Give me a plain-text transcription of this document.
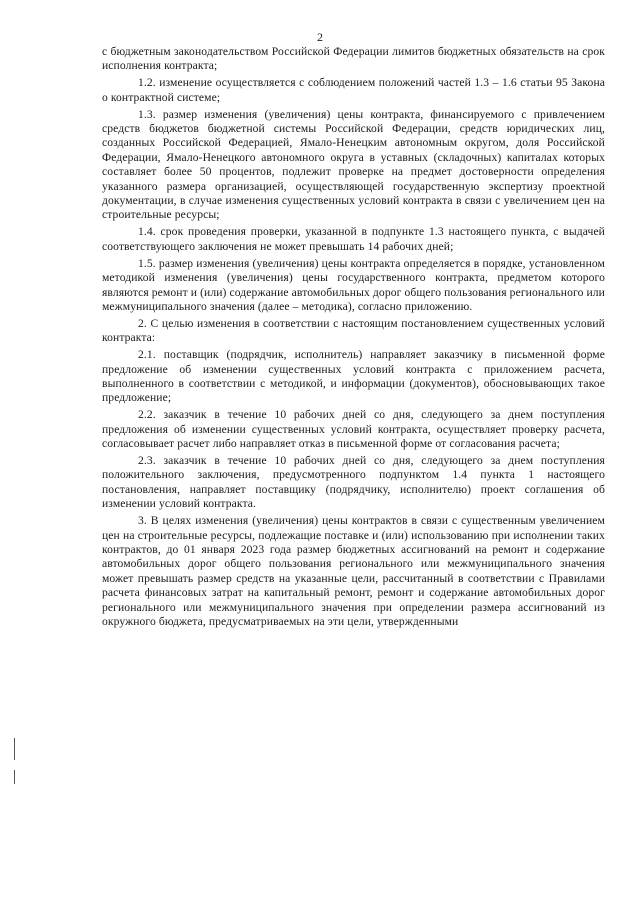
2

с бюджетным законодательством Российской Федерации лимитов бюджетных обязательств на срок исполнения контракта;

1.2. изменение осуществляется с соблюдением положений частей 1.3 – 1.6 статьи 95 Закона о контрактной системе;

1.3. размер изменения (увеличения) цены контракта, финансируемого с привлечением средств бюджетов бюджетной системы Российской Федерации, средств юридических лиц, созданных Российской Федерацией, Ямало-Ненецким автономным округом, доля Российской Федерации, Ямало-Ненецкого автономного округа в уставных (складочных) капиталах которых составляет более 50 процентов, подлежит проверке на предмет достоверности определения указанного размера организацией, осуществляющей государственную экспертизу проектной документации, в случае изменения существенных условий контракта в связи с увеличением цен на строительные ресурсы;

1.4. срок проведения проверки, указанной в подпункте 1.3 настоящего пункта, с выдачей соответствующего заключения не может превышать 14 рабочих дней;

1.5. размер изменения (увеличения) цены контракта определяется в порядке, установленном методикой изменения (увеличения) цены государственного контракта, предметом которого являются ремонт и (или) содержание автомобильных дорог общего пользования регионального или межмуниципального значения (далее – методика), согласно приложению.

2. С целью изменения в соответствии с настоящим постановлением существенных условий контракта:

2.1. поставщик (подрядчик, исполнитель) направляет заказчику в письменной форме предложение об изменении существенных условий контракта с приложением расчета, выполненного в соответствии с методикой, и информации (документов), обосновывающих такое предложение;

2.2. заказчик в течение 10 рабочих дней со дня, следующего за днем поступления предложения об изменении существенных условий контракта, осуществляет проверку расчета, согласовывает расчет либо направляет отказ в письменной форме от согласования расчета;

2.3. заказчик в течение 10 рабочих дней со дня, следующего за днем поступления положительного заключения, предусмотренного подпунктом 1.4 пункта 1 настоящего постановления, направляет поставщику (подрядчику, исполнителю) проект соглашения об изменении условий контракта.

3. В целях изменения (увеличения) цены контрактов в связи с существенным увеличением цен на строительные ресурсы, подлежащие поставке и (или) использованию при исполнении таких контрактов, до 01 января 2023 года размер бюджетных ассигнований на ремонт и содержание автомобильных дорог общего пользования регионального или межмуниципального значения может превышать размер средств на указанные цели, рассчитанный в соответствии с Правилами расчета финансовых затрат на капитальный ремонт, ремонт и содержание автомобильных дорог регионального или межмуниципального значения при определении размера ассигнований из окружного бюджета, предусматриваемых на эти цели, утвержденными
